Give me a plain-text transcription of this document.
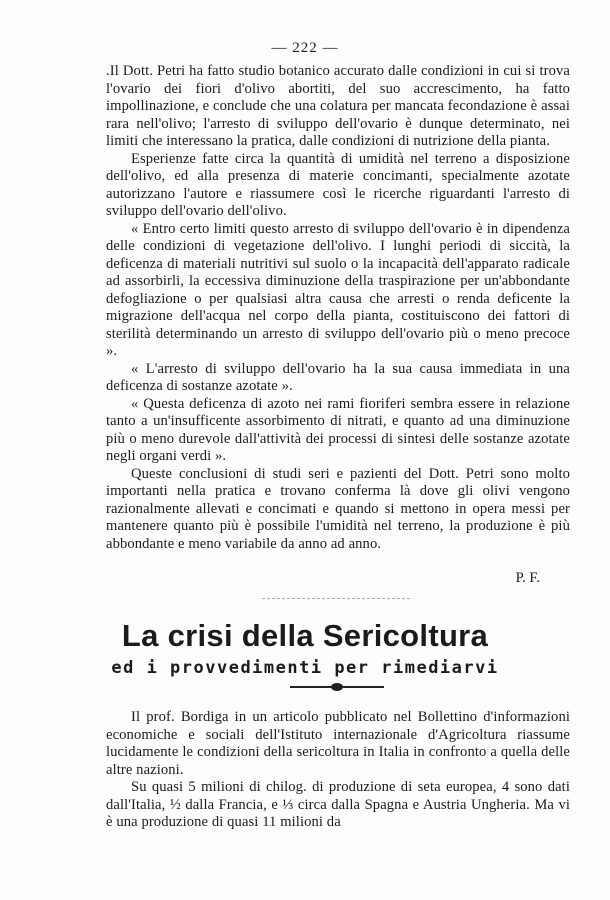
— 222 —

.Il Dott. Petri ha fatto studio botanico accurato dalle condizioni in cui si trova l'ovario dei fiori d'olivo abortiti, del suo accrescimento, ha fatto impollinazione, e conclude che una colatura per mancata fecondazione è assai rara nell'olivo; l'arresto di sviluppo dell'ovario è dunque determinato, nei limiti che interessano la pratica, dalle condizioni di nutrizione della pianta.

Esperienze fatte circa la quantità di umidità nel terreno a disposizione dell'olivo, ed alla presenza di materie concimanti, specialmente azotate autorizzano l'autore e riassumere così le ricerche riguardanti l'arresto di sviluppo dell'ovario dell'olivo.

« Entro certo limiti questo arresto di sviluppo dell'ovario è in dipendenza delle condizioni di vegetazione dell'olivo. I lunghi periodi di siccità, la deficenza di materiali nutritivi sul suolo o la incapacità dell'apparato radicale ad assorbirli, la eccessiva diminuzione della traspirazione per un'abbondante defogliazione o per qualsiasi altra causa che arresti o renda deficente la migrazione dell'acqua nel corpo della pianta, costituiscono dei fattori di sterilità determinando un arresto di sviluppo dell'ovario più o meno precoce ».

« L'arresto di sviluppo dell'ovario ha la sua causa immediata in una deficenza di sostanze azotate ».

« Questa deficenza di azoto nei rami fioriferi sembra essere in relazione tanto a un'insufficente assorbimento di nitrati, e quanto ad una diminuzione più o meno durevole dall'attività dei processi di sintesi delle sostanze azotate negli organi verdi ».

Queste conclusioni di studi seri e pazienti del Dott. Petri sono molto importanti nella pratica e trovano conferma là dove gli olivi vengono razionalmente allevati e concimati e quando si mettono in opera messi per mantenere quanto più è possibile l'umidità nel terreno, la produzione è più abbondante e meno variabile da anno ad anno.

P. F.
La crisi della Sericoltura
ed i provvedimenti per rimediarvi

Il prof. Bordiga in un articolo pubblicato nel Bollettino d'informazioni economiche e sociali dell'Istituto internazionale d'Agricoltura riassume lucidamente le condizioni della sericoltura in Italia in confronto a quella delle altre nazioni.

Su quasi 5 milioni di chilog. di produzione di seta europea, 4 sono dati dall'Italia, ½ dalla Francia, e ⅓ circa dalla Spagna e Austria Ungheria. Ma vi è una produzione di quasi 11 milioni da
